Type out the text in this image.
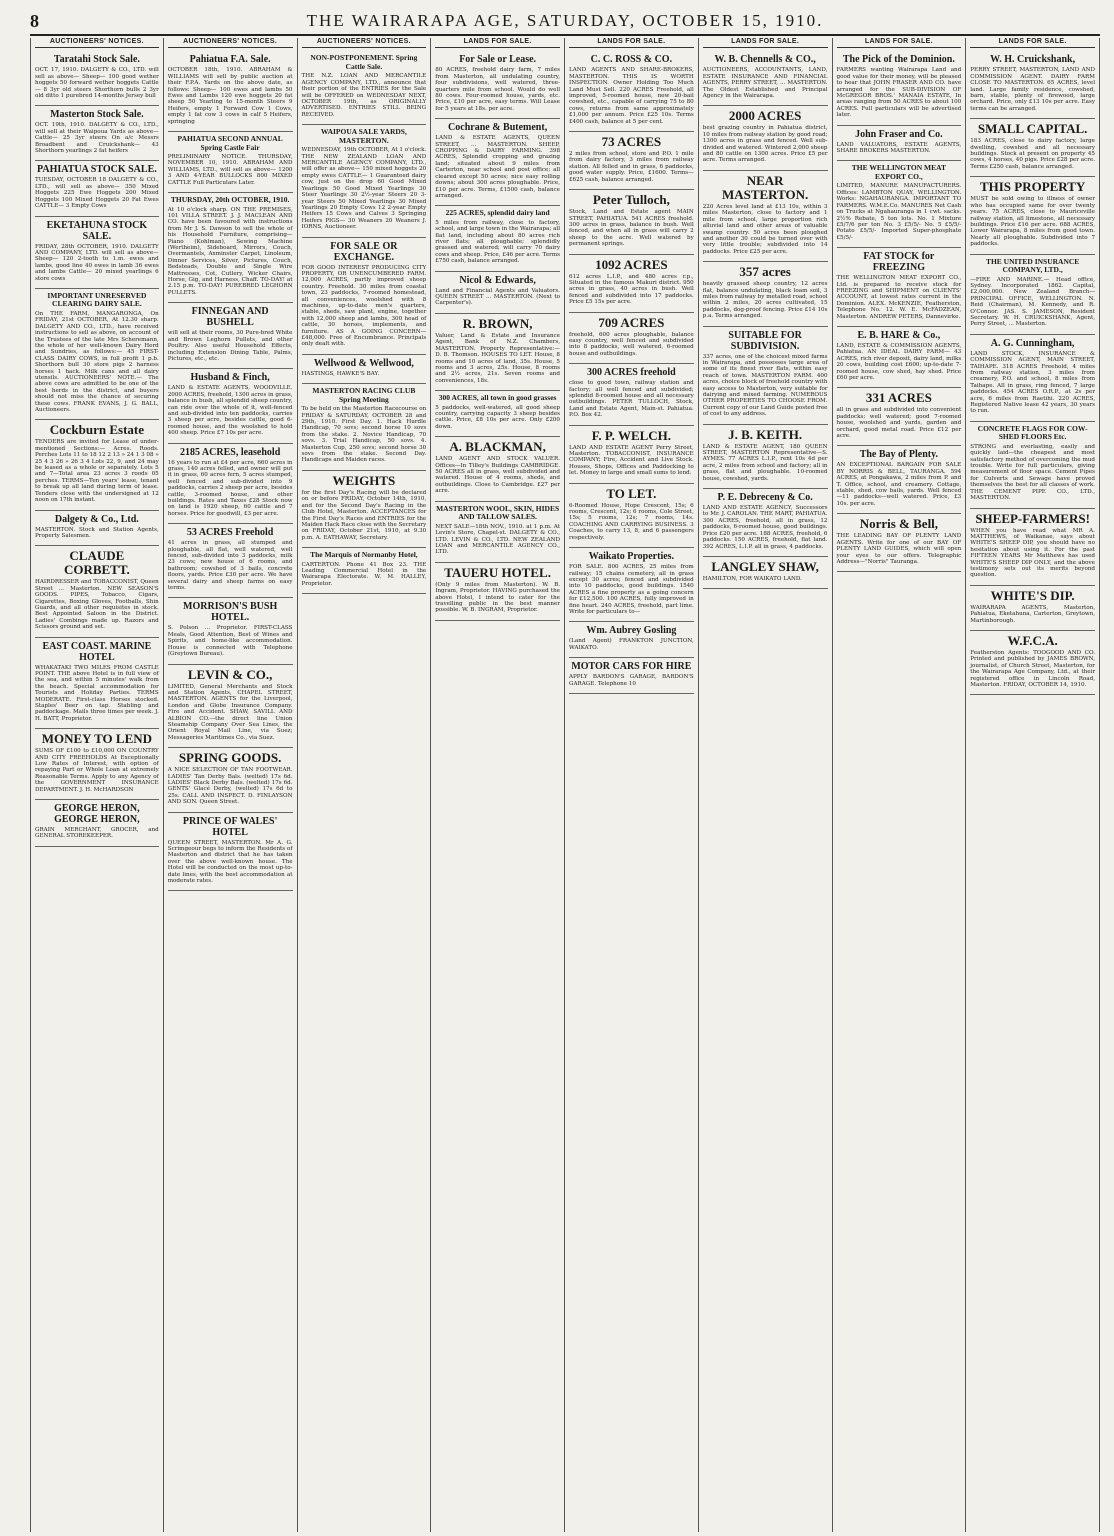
8	THE WAIRARAPA AGE, SATURDAY, OCTOBER 15, 1910.
AUCTIONEERS' NOTICES.
Taratahi Stock Sale.
OCT. 17, 1910. DALGETY & CO., LTD. will sell as above— Sheep— 100 good wether hoggets 50 forward wether hoggets Cattle— 8 3yr old steers Shorthorn bulls 2 3yr old ditto 1 purebred 14-months Jersey bull
Masterton Stock Sale.
OCT. 19th, 1910. DALGETY & CO., LTD., will sell at their Waipoua Yards as above— Cattle— 25 3yr steers On a/c Messrs Broadbent and Cruickshank— 43 Shorthorn yearlings 2 fat heifers
PAHIATUA STOCK SALE.
TUESDAY, OCTOBER 18 DALGETY & CO., LTD., will sell as above— 350 Mixed Hoggets 225 Ewe Hoggets 200 Mixed Hoggets 100 Mixed Hoggets 20 Fat Ewes CATTLE— 3 Empty Cows
EKETAHUNA STOCK SALE.
FRIDAY, 28th OCTOBER, 1910. DALGETY AND COMPANY, LTD. will sell as above— Sheep— 120 2-tooth to 1.m. ewes and lambs, good line 40 ewes in lamb 36 ewes and lambs Cattle— 20 mixed yearlings 6 store cows
IMPORTANT UNRESERVED CLEARING DAIRY SALE.
On THE FARM, MANGARONGA, On FRIDAY, 21st OCTOBER, At 12.30 sharp. DALGETY AND CO., LTD., have received instructions to sell as above, on account of the Trustees of the late Mrs Scheremann, the whole of her well-known Dairy Herd and Sundries, as follows:— 45 FIRST-CLASS DAIRY COWS, in full profit 1 p.b. Shorthorn bull 30 store pigs 2 harness horses 1 hack. Milk cans and all dairy utensils. AUCTIONEERS' NOTE.— The above cows are admitted to be one of the best herds in the district, and buyers should not miss the chance of securing these cows. FRANK EVANS, J. G. BALL, Auctioneers.
Cockburn Estate
TENDERS are invited for Lease of under-mentioned Sections:— Acres. Roods. Perches Lots 11 to 18 12 2 13 » 24 1 3 08 » 25 4 3 26 » 26 3 4 Lots 22, 9, and 24 may be leased as a whole or separately. Lots 5 and 7—Total area 23 acres 3 roods 05 perches. TERMS—Ten years' lease, tenant to break up all land during term of lease. Tenders close with the undersigned at 12 noon on 17th instant.
Dalgety & Co., Ltd.
MASTERTON. Stock and Station Agents, Property Salesmen.
CLAUDE CORBETT.
HAIRDRESSER and TOBACCONIST, Queen Street ... Masterton. NEW SEASON'S GOODS. PIPES, Tobacco, Cigars, Cigarettes, Boxing Gloves, Footballs, Shin Guards, and all other requisites in stock. Best Appointed Saloon in the District. Ladies' Combings made up. Razors and Scissors ground and set.
EAST COAST. MARINE HOTEL
WHAKATAKI TWO MILES FROM CASTLE POINT. THE above Hotel is in full view of the sea, and within 5 minutes' walk from the beach. Special accommodation for Tourists and Holiday Parties. TERMS MODERATE. First-class Horses stocked. Staples' Beer on tap. Stabling and paddockage. Mails three times per week. J. H. BATT, Proprietor.
MONEY TO LEND
SUMS OF £100 to £10,000 ON COUNTRY AND CITY FREEHOLDS At Exceptionally Low Rates of Interest, with option of repaying Part or Whole Loan at extremely Reasonable Terms. Apply to any Agency of the GOVERNMENT INSURANCE DEPARTMENT. J. H. McHARDSON
GEORGE HERON, GEORGE HERON,
GRAIN MERCHANT, GROCER, and GENERAL STOREKEEPER.
AUCTIONEERS' NOTICES.
Pahiatua F.A. Sale.
OCTOBER 18th, 1910. ABRAHAM & WILLIAMS will sell by public auction at their F.P.A. Yards on the above date, as follows: Sheep— 100 ewes and lambs 50 Ewes and Lambs 120 ewe hoggets 20 fat sheep 50 Yearling to 15-month Steers 9 Heifers, empty 1 Forward Cow 1 Cows, empty 1 fat cow 3 cows in calf 5 Heifers, springing
PAHIATUA SECOND ANNUAL Spring Castle Fair
PRELIMINARY NOTICE. THURSDAY, NOVEMBER 10, 1910. ABRAHAM AND WILLIAMS, LTD., will sell as above— 1200 3 AND 4-YEAR BULLOCKS 800 MIXED CATTLE Full Particulars Later.
THURSDAY, 20th OCTOBER, 1910.
At 10 o'clock sharp. ON THE PREMISES, 101 VILLA STREET. J. J. MACLEAN AND CO. have been favoured with instructions from Mr J. S. Dawson to sell the whole of his Household Furniture, comprising— Piano (Kohlman), Sewing Machine (Wertheim), Sideboard, Mirrors, Couch, Overmantels, Axminster Carpet, Linoleum, Dinner Services, Silver, Pictures, Couch, Bedsteads, Double and Single Wire Mattresses, Cot, Cutlery, Wicker Chairs, Horse, Gig, and Harness, Chaff. TO-DAY! at 2.15 p.m. TO-DAY! PUREBRED LEGHORN PULLETS.
FINNEGAN AND BUSHELL
will sell at their rooms, 30 Pure-bred White and Brown Leghorn Pullets, and other Poultry. Also useful Household Effects, including Extension Dining Table, Palms, Pictures, etc., etc.
Husband & Finch,
LAND & ESTATE AGENTS, WOODVILLE. 2000 ACRES, freehold, 1300 acres in grass, balance in bush, all splendid sheep country, can ride over the whole of it, well-fenced and sub-divided into ten paddocks, carries 3 sheep per acre, besides cattle, good 6-roomed house, and the woolshed to hold 400 sheep. Price £7 10s per acre.
2185 ACRES, leasehold
16 years to run at £4 per acre, 660 acres in grass, 140 acres felled, and owner will put it in grass, 60 acres fern, 5 acres stumped, well fenced and sub-divided into 9 paddocks, carries 2 sheep per acre, besides cattle, 3-roomed house, and other buildings. Rates and Taxes £28 Stock now on land is 1920 sheep, 60 cattle and 7 horses. Price for goodwill, £3 per acre.
53 ACRES Freehold
41 acres in grass, all stumped and ploughable, all flat, well watered, well fenced, sub-divided into 3 paddocks, milk 23 cows; new house of 6 rooms, and bathroom; cowshed of 3 bails, concrete floors, yards. Price £30 per acre. We have several dairy and sheep farms on easy terms.
MORRISON'S BUSH HOTEL.
S. Polson ... Proprietor. FIRST-CLASS Meals, Good Attention, Best of Wines and Spirits, and home-like accommodation. House is connected with Telephone (Greytown Bureau).
LEVIN & CO.,
LIMITED, General Merchants and Stock and Station Agents, CHAPEL STREET, MASTERTON. AGENTS for the Liverpool, London and Globe Insurance Company. Fire and Accident. SHAW, SAVILL AND ALBION CO.—the direct line Union Steamship Company Over Sea Lines, the Orient Royal Mail Line, via Suez; Messageries Maritimes Co., via Suez.
SPRING GOODS.
A NICE SELECTION OF TAN FOOTWEAR. LADIES' Tan Derby Bals. (welted) 17s 6d. LADIES' Black Derby Bals. (welted) 17s 6d. GENTS' Glacé Derby, (welted) 17s 6d to 25s. CALL AND INSPECT. D. FINLAYSON AND SON. Queen Street.
PRINCE OF WALES' HOTEL
QUEEN STREET, MASTERTON. Mr A. G. Scrimgeour begs to inform the Residents of Masterton and district that he has taken over the above well-known house. The Hotel will be conducted on the most up-to-date lines, with the best accommodation at moderate rates.
AUCTIONEERS' NOTICES.
NON-POSTPONEMENT. Spring Cattle Sale.
THE N.Z. LOAN AND MERCANTILE AGENCY COMPANY, LTD., announce that their portion of the ENTRIES for the Sale will be OFFERED on WEDNESDAY NEXT, OCTOBER 19th, as ORIGINALLY ADVERTISED. ENTRIES STILL BEING RECEIVED.
WAIPOUA SALE YARDS, MASTERTON.
WEDNESDAY, 19th OCTOBER, At 1 o'clock. THE NEW ZEALAND LOAN AND MERCANTILE AGENCY COMPANY, LTD., will offer as above— 150 mixed hoggets 20 empty ewes CATTLE— 1 Guaranteed dairy cow, just on the drop 60 Good Mixed Yearlings 50 Good Mixed Yearlings 30 Steer Yearlings 30 2½-year Steers 20 3-year Steers 50 Mixed Yearlings 30 Mixed Yearlings 20 Empty Cows 12 2-year Empty Heifers 15 Cows and Calves 3 Springing Heifers PIGS— 30 Weaners 20 Weaners J. IORNS, Auctioneer.
FOR SALE OR EXCHANGE.
FOR GOOD INTEREST PRODUCING CITY PROPERTY, OR UNENCUMBERED FARM. 12,000 ACRES, partly improved sheep country. Freehold. 30 miles from coastal town, 23 paddocks, 7-roomed homestead, all conveniences, woolshed with 8 machines, up-to-date men's quarters, stable, sheds, saw plant, engine, together with 12,000 sheep and lambs, 300 head of cattle, 30 horses, implements, and furniture. AS A GOING CONCERN— £48,000. Free of Encumbrance. Principals only dealt with.
Wellwood & Wellwood,
HASTINGS, HAWKE'S BAY.
MASTERTON RACING CLUB Spring Meeting
To be held on the Masterton Racecourse on FRIDAY & SATURDAY, OCTOBER 28 and 29th, 1910. First Day. 1. Hack Hurdle Handicap, 70 sovs; second horse 10 sovs from the stake. 2. Novice Handicap, 70 sovs. 3. Trial Handicap, 50 sovs. 4. Masterton Cup, 250 sovs; second horse 30 sovs from the stake. Second Day. Handicaps and Maiden races.
WEIGHTS
for the first Day's Racing will be declared on or before FRIDAY, October 14th, 1910, and for the Second Day's Racing in the Club Hotel, Masterton. ACCEPTANCES for the First Day's Races and ENTRIES for the Maiden Hack Race close with the Secretary on FRIDAY, October 21st, 1910, at 9.30 p.m. A. EATHAWAY, Secretary.
The Marquis of Normanby Hotel,
CARTERTON. Phone 41 Box 23. THE Leading Commercial Hotel in the Wairarapa Electorate. W. M. HALLEY, Proprietor.
LANDS FOR SALE.
For Sale or Lease.
80 ACRES, freehold dairy farm, 7 miles from Masterton, all undulating country, four subdivisions, well watered, three-quarters mile from school. Would do well 80 cows. Four-roomed house, yards, etc. Price, £10 per acre, easy terms. Will Lease for 5 years at 18s. per acre.
Cochrane & Butement,
LAND & ESTATE AGENTS, QUEEN STREET, ... MASTERTON. SHEEP, CROPPING & DAIRY FARMING. 398 ACRES, Splendid cropping and grazing land; situated about 9 miles from Carterton, near school and post office; all cleared except 50 acres; nice easy rolling downs; about 300 acres ploughable. Price, £10 per acre. Terms, £1500 cash, balance arranged.
225 ACRES, splendid dairy land
5 miles from railway, close to factory, school, and large town in the Wairarapa; all flat land, including about 80 acres rich river flats; all ploughable; splendidly grassed and watered; will carry 70 dairy cows and sheep. Price, £46 per acre. Terms £750 cash, balance arranged.
Nicol & Edwards,
Land and Financial Agents and Valuators. QUEEN STREET ... MASTERTON. (Next to Carpenter's).
R. BROWN,
Valuer, Land & Estate and Insurance Agent, Bank of N.Z. Chambers, MASTERTON. Property Representative:— D. B. Thomson. HOUSES TO LET. House, 8 rooms and 10 acres of land, 35s. House, 5 rooms and 3 acres, 25s. House, 8 rooms and 2½ acres, 21s. Seven rooms and conveniences, 18s.
300 ACRES, all town in good grasses
5 paddocks, well-watered, all good sheep country, carrying capacity 3 sheep besides cattle. Price, £8 10s per acre. Only £200 down.
A. BLACKMAN,
LAND AGENT AND STOCK VALUER. Offices—In Tilley's Buildings CAMBRIDGE. 50 ACRES all in grass, well subdivided and watered. House of 4 rooms, sheds, and outbuildings. Close to Cambridge. £27 per acre.
MASTERTON WOOL, SKIN, HIDES AND TALLOW SALES.
NEXT SALE—18th NOV., 1910. at 1 p.m. At Levin's Store, Chapel-st. DALGETY & CO., LTD. LEVIN & CO., LTD. NEW ZEALAND LOAN and MERCANTILE AGENCY CO., LTD.
TAUERU HOTEL.
(Only 9 miles from Masterton). W. B. Ingram, Proprietor. HAVING purchased the above Hotel, I intend to cater for the travelling public in the best manner possible. W. B. INGRAM, Proprietor.
LANDS FOR SALE.
C. C. ROSS & CO.
LAND AGENTS AND SHARE-BROKERS, MASTERTON. THIS IS WORTH INSPECTION. Owner Holding Too Much Land Must Sell. 220 ACRES Freehold, all improved, 5-roomed house, new 20-bail cowshed, etc., capable of carrying 75 to 80 cows, returns from same approximately £1,000 per annum. Price £25 10s. Terms £400 cash, balance at 5 per cent.
73 ACRES
2 miles from school, store and P.O. 1 mile from dairy factory, 3 miles from railway station. All felled and in grass, 6 paddocks, good water supply. Price, £1600. Terms—£625 cash, balance arranged.
Peter Tulloch,
Stock, Land and Estate agent MAIN STREET, PAHIATUA. 541 ACRES freehold. 300 acres in grass, balance in bush. Well fenced, and when all in grass will carry 2 sheep to the acre. Well watered by permanent springs.
1092 ACRES
612 acres L.I.P., and 480 acres r.p., Situated in the famous Makuri district. 950 acres in grass, 40 acres in bush. Well fenced and subdivided into 17 paddocks. Price £5 15s per acre.
709 ACRES
freehold, 600 acres ploughable, balance easy country, well fenced and subdivided into 8 paddocks, well watered, 6-roomed house and outbuildings.
300 ACRES freehold
close to good town, railway station and factory; all well fenced and subdivided; splendid 8-roomed house and all necessary outbuildings. PETER TULLOCH, Stock, Land and Estate Agent, Main-st. Pahiatua. P.O. Box 42.
F. P. WELCH.
LAND AND ESTATE AGENT Perry Street, Masterton. TOBACCONIST, INSURANCE COMPANY; Fire, Accident and Live Stock. Houses, Shops, Offices and Paddocking to let. Money in large and small sums to lend.
TO LET.
6-Roomed House, Hope Crescent, 15s; 6 rooms, Crescent, 12s; 6 rooms, Cole Street, 15s; 5 rooms, 12s; 7 rooms, 14s. COACHING AND CARRYING BUSINESS. 3 Coaches, to carry 13, 8, and 6 passengers respectively.
Waikato Properties.
FOR SALE. 800 ACRES, 25 miles from railway; 15 chains cemetery, all in grass except 30 acres; fenced and subdivided into 10 paddocks, good buildings. 1540 ACRES a fine property as a going concern for £12,500. 100 ACRES, fully improved in fine heart. 240 ACRES, freehold, part lime. Write for particulars to—
Wm. Aubrey Gosling
(Land Agent) FRANKTON JUNCTION, WAIKATO.
MOTOR CARS FOR HIRE
APPLY BARDON'S GARAGE, BARDON'S GARAGE. Telephone 10
LANDS FOR SALE.
W. B. Chennells & CO.,
AUCTIONEERS, ACCOUNTANTS, LAND, ESTATE INSURANCE AND FINANCIAL AGENTS, PERRY STREET, ... MASTERTON. The Oldest Established and Principal Agency in the Wairarapa.
2000 ACRES
best grazing country in Pahiatua district, 10 miles from railway station by good road; 1300 acres in grass and fenced. Well sub-divided and watered. Wintered 2,000 sheep and 80 cattle on 1300 acres. Price £5 per acre. Terms arranged.
NEAR MASTERTON.
220 Acres level land at £13 10s, within 3 miles Masterton, close to factory and 1 mile from school, large proportion rich alluvial land and other areas of valuable swamp country. 50 acres been ploughed and another 30 could be turned over with very little trouble; subdivided into 14 paddocks. Price £25 per acre.
357 acres
heavily grassed sheep country, 12 acres flat, balance undulating, black loam soil, 3 miles from railway by metalled road, school within 2 miles, 20 acres cultivated, 15 paddocks, dog-proof fencing. Price £14 10s p.a. Terms arranged.
SUITABLE FOR SUBDIVISION.
337 acres, one of the choicest mixed farms in Wairarapa, and possesses large area of some of its finest river flats, within easy reach of town. MASTERTON FARM. 400 acres, choice block of freehold country with easy access to Masterton, very suitable for dairying and mixed farming. NUMEROUS OTHER PROPERTIES TO CHOOSE FROM. Current copy of our Land Guide posted free of cost to any address.
J. B. KEITH.
LAND & ESTATE AGENT, 180 QUEEN STREET, MASTERTON Representative—S. AYMES. 77 ACRES L.I.P., rent 10s 4d per acre, 2 miles from school and factory; all in grass, flat and ploughable. 10-roomed house, cowshed, yards.
P. E. Debreceny & Co.
LAND AND ESTATE AGENCY, Successors to Mr. J. CAROLAN. THE MART, PAHIATUA. 300 ACRES, freehold, all in grass, 12 paddocks, 6-roomed house, good buildings. Price £20 per acre. 188 ACRES, freehold, 6 paddocks. 150 ACRES, freehold, flat land. 392 ACRES, L.I.P. all in grass, 4 paddocks.
LANGLEY SHAW,
HAMILTON, FOR WAIKATO LAND.
LANDS FOR SALE.
The Pick of the Dominion.
FARMERS wanting Wairarapa Land and good value for their money, will be pleased to hear that JOHN FRASER AND CO. have arranged for the SUB-DIVISION OF McGREGOR BROS.' MANAIA ESTATE, In areas ranging from 50 ACRES to about 100 ACRES. Full particulars will be advertised later.
John Fraser and Co.
LAND VALUATORS, ESTATE AGENTS, SHARE BROKERS MASTERTON.
THE WELLINGTON MEAT EXPORT CO.,
LIMITED, MANURE MANUFACTURERS. Offices: LAMBTON QUAY, WELLINGTON. Works: NGAHAURANGA. IMPORTANT TO FARMERS. W.M.E.Co. MANURES Net Cash on Trucks at Ngahauranga in 1 cwt. sacks. 2½% Rebate, 5 ton lots. No. 1 Mixture £5/7/6 per ton No. 3 £5/5/- No. 5 £5/5/- Potato £5/5/- Imported Super-phosphate £5/5/-
FAT STOCK for FREEZING
THE WELLINGTON MEAT EXPORT CO., Ltd. is prepared to receive stock for FREEZING and SHIPMENT on CLIENTS' ACCOUNT, at lowest rates current in the Dominion. ALEX. McKENZIE, Featherston, Telephone No. 12. W. E. McFADZEAN, Masterton. ANDREW PETERS, Dannevirke.
E. B. HARE & Co.,
LAND, ESTATE & COMMISSION AGENTS, Pahiatua. AN IDEAL DAIRY FARM— 43 ACRES, rich river deposit, dairy land, milks 20 cows, building cost £600; up-to-date 7-roomed house, cow shed, hay shed. Price £60 per acre.
331 ACRES
all in grass and subdivided into convenient paddocks; well watered; good 7-roomed house, woolshed and yards, garden and orchard, good metal road. Price £12 per acre.
The Bay of Plenty.
AN EXCEPTIONAL BARGAIN FOR SALE BY NORRIS & BELL, TAURANGA. 594 ACRES, at Pongakawa, 2 miles from P. and T. Office, school, and creamery. Cottage, stable, shed, cow bails, yards. Well fenced—11 paddocks—well watered. Price, £3 10s. per acre.
Norris & Bell,
THE LEADING BAY OF PLENTY LAND AGENTS. Write for one of our BAY OF PLENTY LAND GUIDES, which will open your eyes to our offers. Telegraphic Address—"Norris" Tauranga.
LANDS FOR SALE.
W. H. Cruickshank,
PERRY STREET, MASTERTON, LAND AND COMMISSION AGENT. DAIRY FARM CLOSE TO MASTERTON. 65 ACRES, level land. Large family residence, cowshed, barn, stable, plenty of firewood, large orchard. Price, only £13 10s per acre. Easy terms can be arranged.
SMALL CAPITAL.
183 ACRES, close to dairy factory, large dwelling, cowshed and all necessary buildings. Stock at present on property 45 cows, 4 horses, 40 pigs. Price £28 per acre. Terms £250 cash, balance arranged.
THIS PROPERTY
MUST be sold owing to illness of owner who has occupied same for over twenty years. 75 ACRES, close to Mauriceville railway station, all limestone, all necessary buildings. Price £16 per acre. 688 ACRES, Lower Wairarapa, 8 miles from good town. Nearly all ploughable. Subdivided into 7 paddocks.
THE UNITED INSURANCE COMPANY, LTD.,
—FIRE AND MARINE.— Head office, Sydney. Incorporated 1862. Capital, £2,000,000. New Zealand Branch— PRINCIPAL OFFICE, WELLINGTON. N. Reid (Chairman), M. Kennedy, and R. O'Connor. JAS. S. JAMESON, Resident Secretary. W. H. CRUICKSHANK, Agent, Perry Street, ... Masterton.
A. G. Cunningham,
LAND STOCK, INSURANCE & COMMISSION AGENT, MAIN STREET, TAIHAPE. 318 ACRES Freehold, 4 miles from railway station, 3 miles from creamery, P.O. and school, 8 miles from Taihape. All in grass, ring fenced, 7 large paddocks. 454 ACRES O.R.P., at 2s per acre, 6 miles from Raetihi. 220 ACRES, Registered Native lease 42 years, 30 years to run.
CONCRETE FLAGS FOR COW-SHED FLOORS Etc.
STRONG and everlasting, easily and quickly laid—the cheapest and most satisfactory method of overcoming the mud trouble. Write for full particulars, giving measurement of floor space. Cement Pipes for Culverts and Sewage have proved themselves the best for all classes of work. THE CEMENT PIPE CO., LTD., MASTERTON.
SHEEP-FARMERS!
WHEN you have read what MR A. MATTHEWS, of Waikanae, says about WHITE'S SHEEP DIP, you should have no hesitation about using it. For the past FIFTEEN YEARS Mr Matthews has used WHITE'S SHEEP DIP ONLY, and the above testimony sets out its merits beyond question.
WHITE'S DIP.
WAIRARAPA AGENTS, Masterton, Pahiatua, Eketahuna, Carterton, Greytown, Martinborough.
W.F.C.A.
Featherston Agents: TOOGOOD AND CO. Printed and published by JAMES BROWN, journalist, of Church Street, Masterton, for the Wairarapa Age Company, Ltd., at their registered office in Lincoln Road, Masterton. FRIDAY, OCTOBER 14, 1910.
